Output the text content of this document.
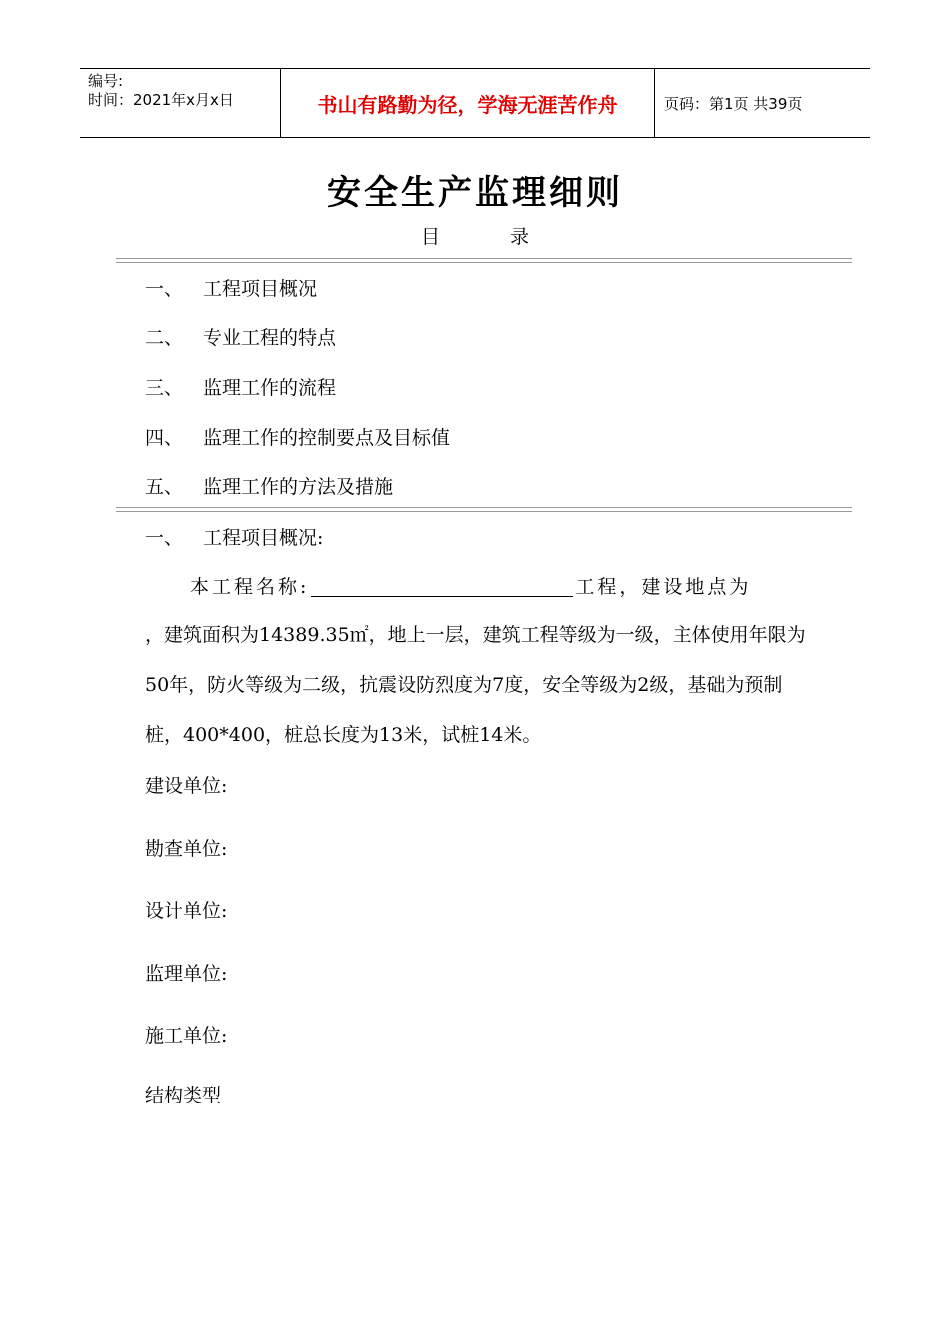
编号:
时间：2021年x月x日	书山有路勤为径，学海无涯苦作舟	页码：第1页 共39页
安全生产监理细则
目	录
一、 工程项目概况
二、 专业工程的特点
三、 监理工作的流程
四、 监理工作的控制要点及目标值
五、 监理工作的方法及措施
一、 工程项目概况:
本工程名称:	工程，建设地点为
，建筑面积为14389.35㎡，地上一层，建筑工程等级为一级，主体使用年限为50年，防火等级为二级，抗震设防烈度为7度，安全等级为2级，基础为预制桩，400*400，桩总长度为13米，试桩14米。
建设单位:
勘查单位:
设计单位:
监理单位:
施工单位:
结构类型
